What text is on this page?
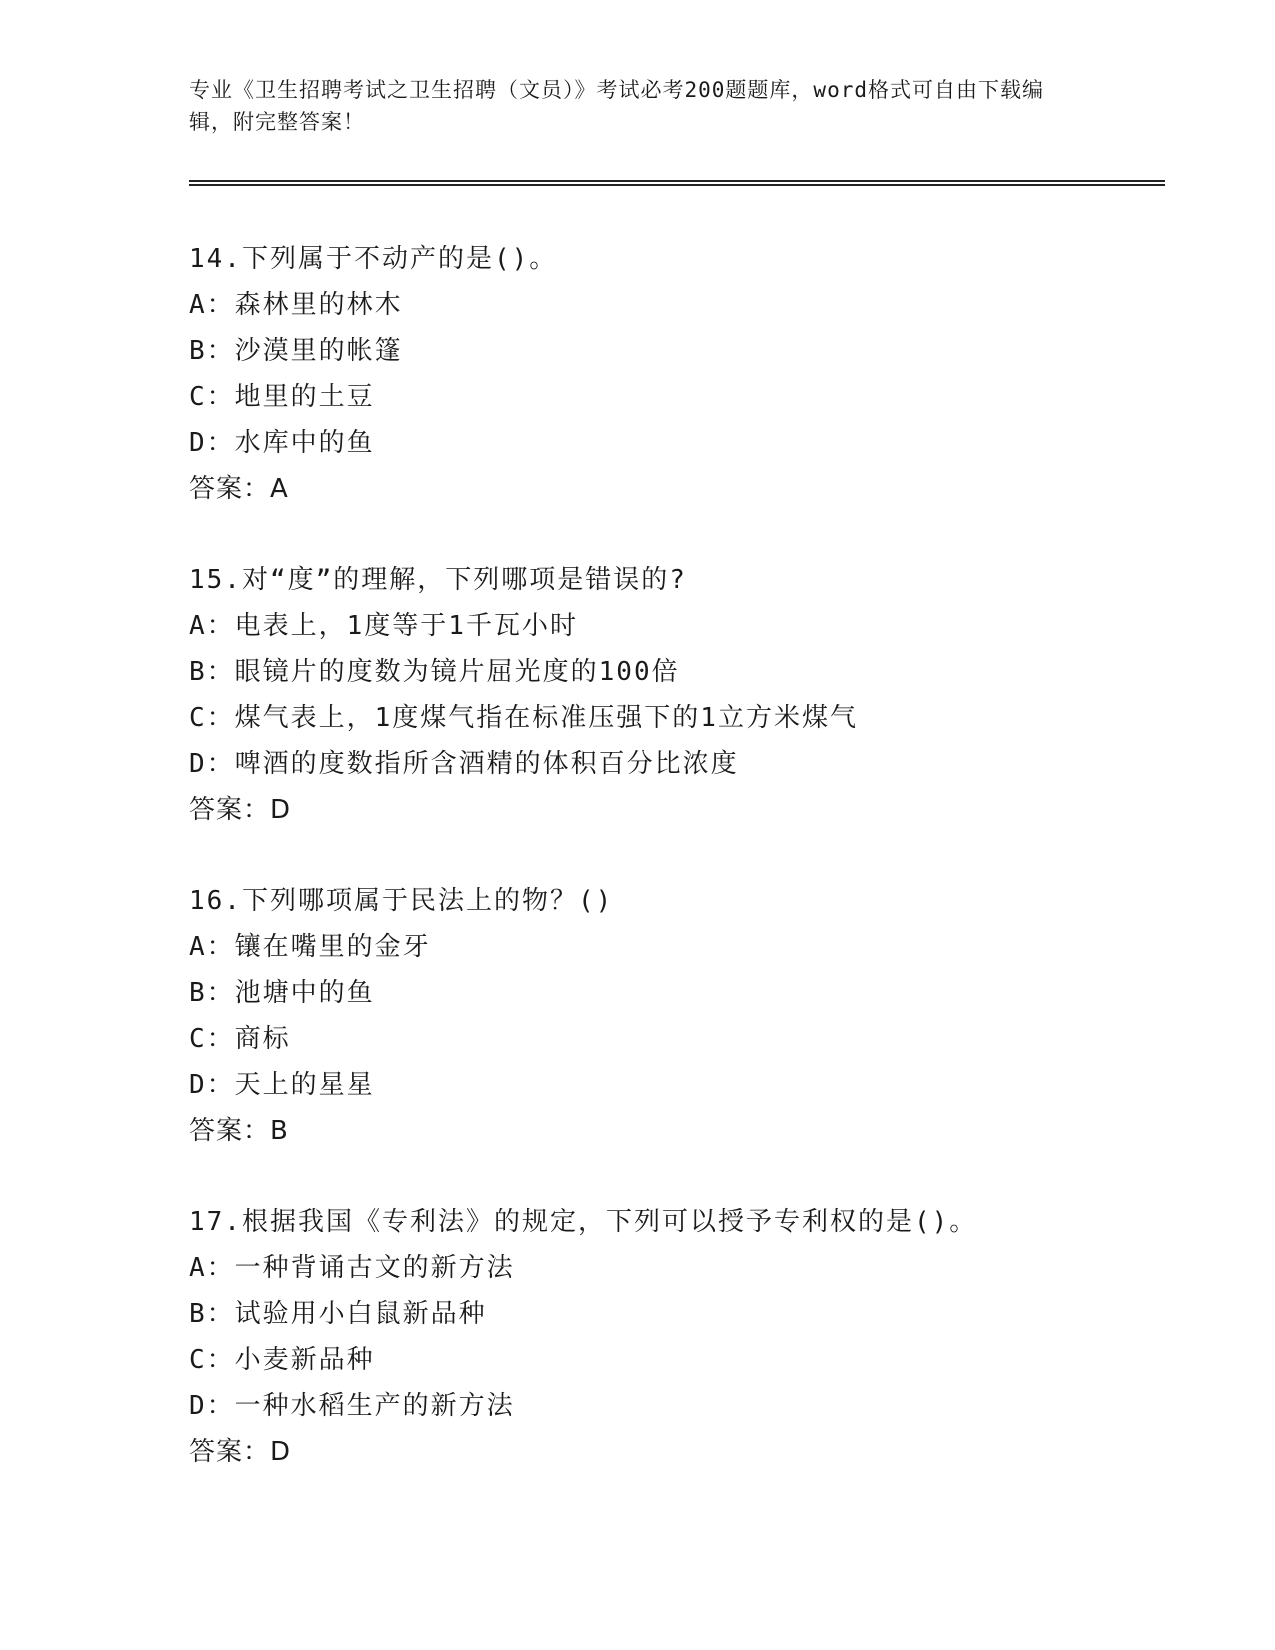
专业《卫生招聘考试之卫生招聘（文员）》考试必考200题题库，word格式可自由下载编辑，附完整答案！
14.下列属于不动产的是()。
A：森林里的林木
B：沙漠里的帐篷
C：地里的土豆
D：水库中的鱼
答案：A
15.对“度”的理解，下列哪项是错误的?
A：电表上，1度等于1千瓦小时
B：眼镜片的度数为镜片屈光度的100倍
C：煤气表上，1度煤气指在标准压强下的1立方米煤气
D：啤酒的度数指所含酒精的体积百分比浓度
答案：D
16.下列哪项属于民法上的物？()
A：镶在嘴里的金牙
B：池塘中的鱼
C：商标
D：天上的星星
答案：B
17.根据我国《专利法》的规定，下列可以授予专利权的是()。
A：一种背诵古文的新方法
B：试验用小白鼠新品种
C：小麦新品种
D：一种水稻生产的新方法
答案：D
